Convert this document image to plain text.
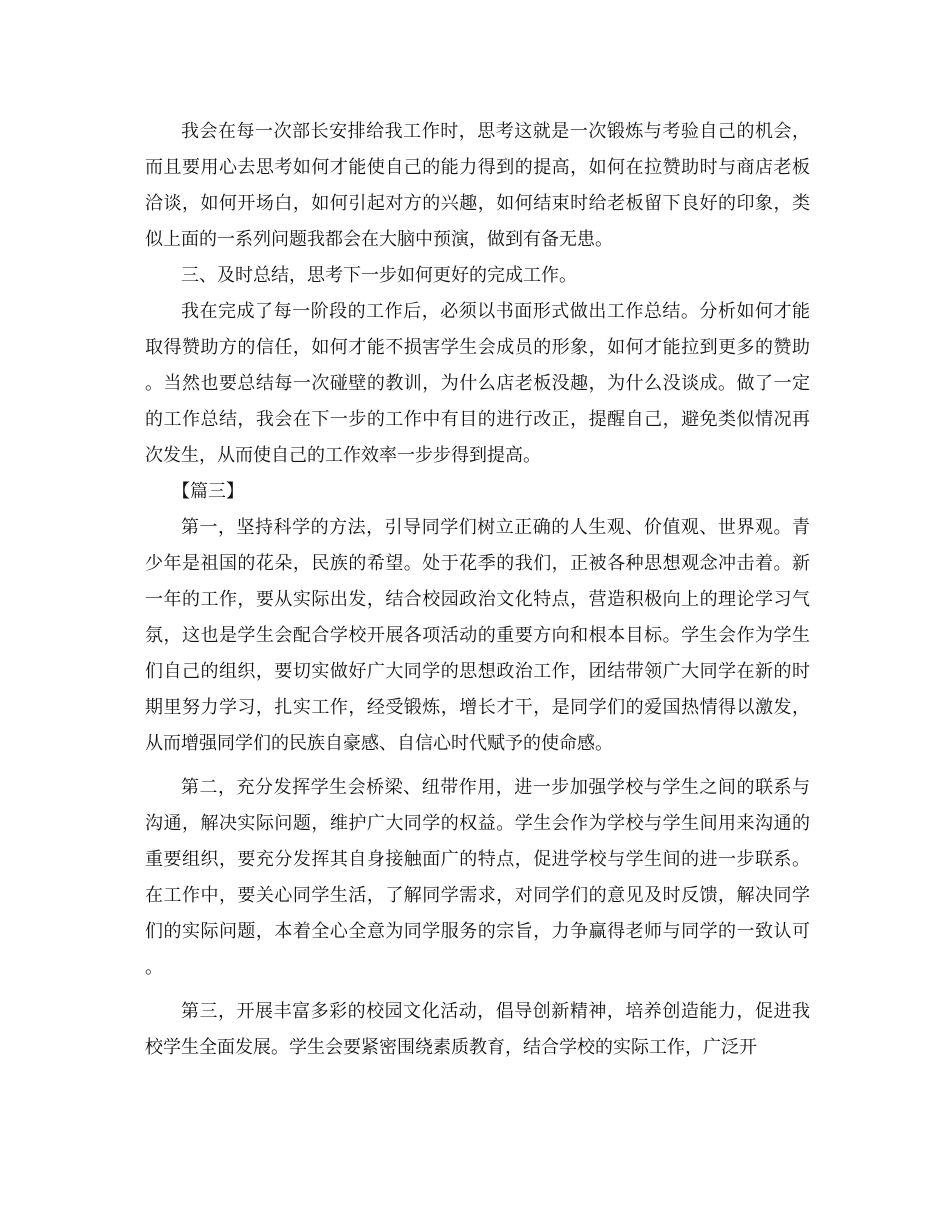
我会在每一次部长安排给我工作时，思考这就是一次锻炼与考验自己的机会，而且要用心去思考如何才能使自己的能力得到的提高，如何在拉赞助时与商店老板洽谈，如何开场白，如何引起对方的兴趣，如何结束时给老板留下良好的印象，类似上面的一系列问题我都会在大脑中预演，做到有备无患。

三、及时总结，思考下一步如何更好的完成工作。

我在完成了每一阶段的工作后，必须以书面形式做出工作总结。分析如何才能取得赞助方的信任，如何才能不损害学生会成员的形象，如何才能拉到更多的赞助。当然也要总结每一次碰壁的教训，为什么店老板没趣，为什么没谈成。做了一定的工作总结，我会在下一步的工作中有目的进行改正，提醒自己，避免类似情况再次发生，从而使自己的工作效率一步步得到提高。

【篇三】

第一，坚持科学的方法，引导同学们树立正确的人生观、价值观、世界观。青少年是祖国的花朵，民族的希望。处于花季的我们，正被各种思想观念冲击着。新一年的工作，要从实际出发，结合校园政治文化特点，营造积极向上的理论学习气氛，这也是学生会配合学校开展各项活动的重要方向和根本目标。学生会作为学生们自己的组织，要切实做好广大同学的思想政治工作，团结带领广大同学在新的时期里努力学习，扎实工作，经受锻炼，增长才干，是同学们的爱国热情得以激发，从而增强同学们的民族自豪感、自信心时代赋予的使命感。

第二，充分发挥学生会桥梁、纽带作用，进一步加强学校与学生之间的联系与沟通，解决实际问题，维护广大同学的权益。学生会作为学校与学生间用来沟通的重要组织，要充分发挥其自身接触面广的特点，促进学校与学生间的进一步联系。在工作中，要关心同学生活，了解同学需求，对同学们的意见及时反馈，解决同学们的实际问题，本着全心全意为同学服务的宗旨，力争赢得老师与同学的一致认可。

第三，开展丰富多彩的校园文化活动，倡导创新精神，培养创造能力，促进我校学生全面发展。学生会要紧密围绕素质教育，结合学校的实际工作，广泛开
